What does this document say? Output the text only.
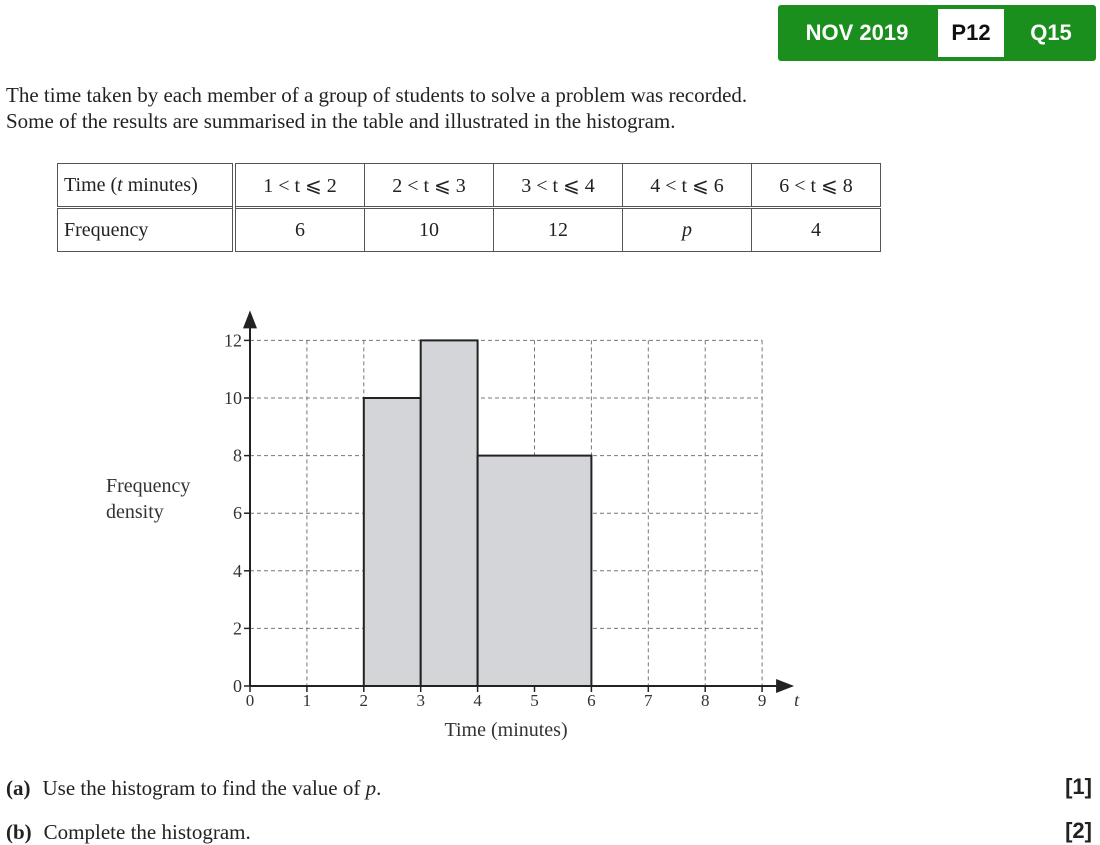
NOV 2019	P12	Q15
The time taken by each member of a group of students to solve a problem was recorded.
Some of the results are summarised in the table and illustrated in the histogram.
Time (t minutes)	1 < t ⩽ 2	2 < t ⩽ 3	3 < t ⩽ 4	4 < t ⩽ 6	6 < t ⩽ 8
Frequency	6	10	12	p	4
0
2
4
6
8
10
12
0	1	2	3	4	5	6	7	8	9 t
Time (minutes)
Frequency
density
(a) Use the histogram to find the value of p.	[1]
(b) Complete the histogram.	[2]
